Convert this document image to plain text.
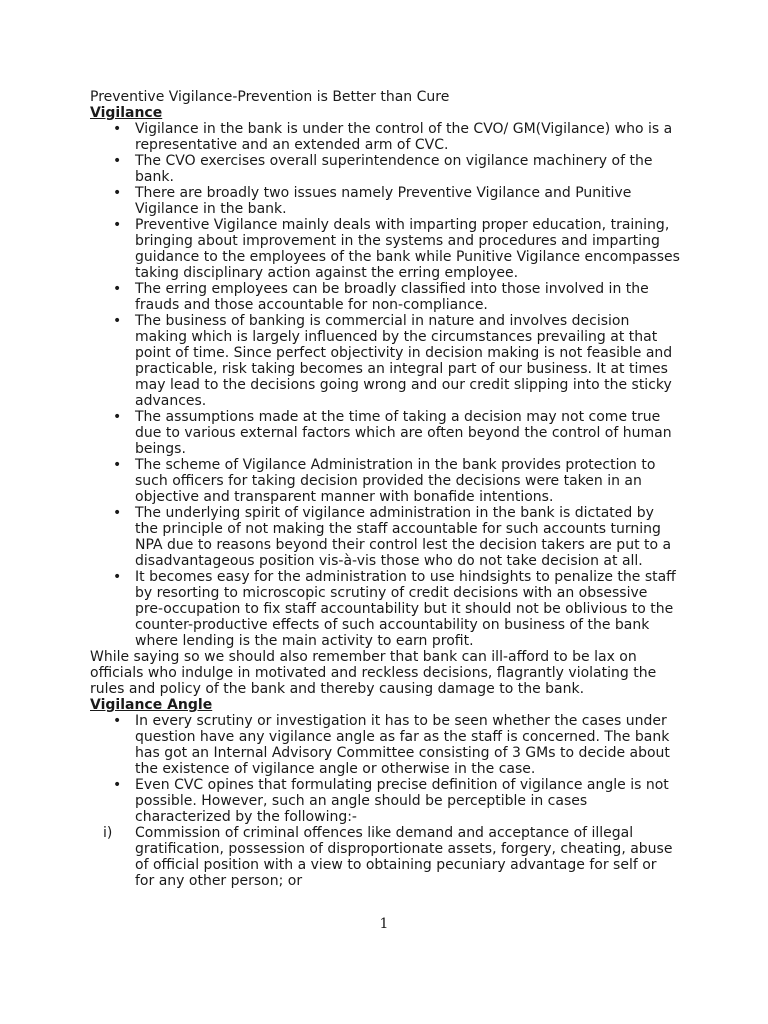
Preventive Vigilance-Prevention is Better than Cure

Vigilance

• Vigilance in the bank is under the control of the CVO/ GM(Vigilance) who is a representative and an extended arm of CVC.
• The CVO exercises overall superintendence on vigilance machinery of the bank.
• There are broadly two issues namely Preventive Vigilance and Punitive Vigilance in the bank.
• Preventive Vigilance mainly deals with imparting proper education, training, bringing about improvement in the systems and procedures and imparting guidance to the employees of the bank while Punitive Vigilance encompasses taking disciplinary action against the erring employee.
• The erring employees can be broadly classified into those involved in the frauds and those accountable for non-compliance.
• The business of banking is commercial in nature and involves decision making which is largely influenced by the circumstances prevailing at that point of time. Since perfect objectivity in decision making is not feasible and practicable, risk taking becomes an integral part of our business. It at times may lead to the decisions going wrong and our credit slipping into the sticky advances.
• The assumptions made at the time of taking a decision may not come true due to various external factors which are often beyond the control of human beings.
• The scheme of Vigilance Administration in the bank provides protection to such officers for taking decision provided the decisions were taken in an objective and transparent manner with bonafide intentions.
• The underlying spirit of vigilance administration in the bank is dictated by the principle of not making the staff accountable for such accounts turning NPA due to reasons beyond their control lest the decision takers are put to a disadvantageous position vis-à-vis those who do not take decision at all.
• It becomes easy for the administration to use hindsights to penalize the staff by resorting to microscopic scrutiny of credit decisions with an obsessive pre-occupation to fix staff accountability but it should not be oblivious to the counter-productive effects of such accountability on business of the bank where lending is the main activity to earn profit.

While saying so we should also remember that bank can ill-afford to be lax on officials who indulge in motivated and reckless decisions, flagrantly violating the rules and policy of the bank and thereby causing damage to the bank.

Vigilance Angle

• In every scrutiny or investigation it has to be seen whether the cases under question have any vigilance angle as far as the staff is concerned. The bank has got an Internal Advisory Committee consisting of 3 GMs to decide about the existence of vigilance angle or otherwise in the case.
• Even CVC opines that formulating precise definition of vigilance angle is not possible. However, such an angle should be perceptible in cases characterized by the following:-
i) Commission of criminal offences like demand and acceptance of illegal gratification, possession of disproportionate assets, forgery, cheating, abuse of official position with a view to obtaining pecuniary advantage for self or for any other person; or
1
